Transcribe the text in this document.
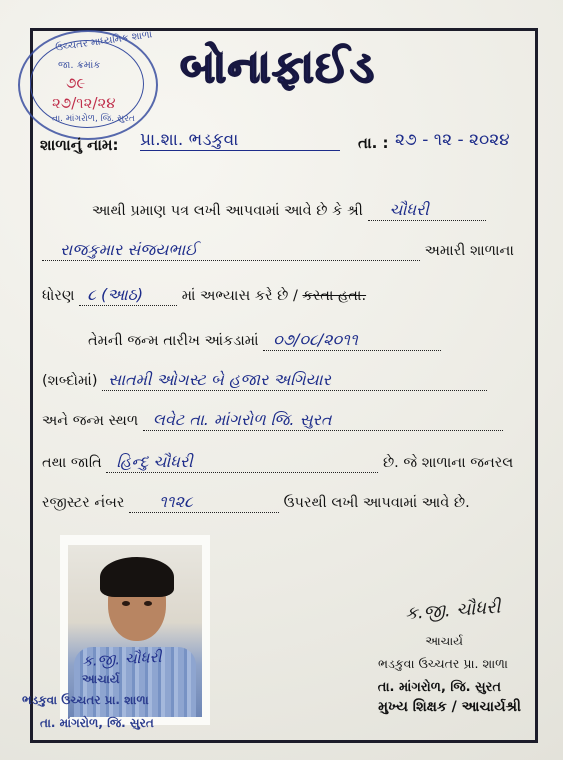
બોનાફાઈડ
ઉચ્ચતર માધ્યમિક શાળા
જા. ક્રમાંક
૭૯
૨૭/૧૨/૨૪
તા. માંગરોળ, જિ. સુરત
શાળાનું નામ: પ્રા.શા. ભડકુવા	તા. : ૨૭ - ૧૨ - ૨૦૨૪
આથી પ્રમાણ પત્ર લખી આપવામાં આવે છે કે શ્રી ચૌધરી
રાજકુમાર સંજયભાઈ	અમારી શાળાના
ધોરણ ૮ (આઠ)	માં અભ્યાસ કરે છે / કરતા હતા.
તેમની જન્મ તારીખ આંકડામાં ૦૭/૦૮/૨૦૧૧
(શબ્દોમાં) સાતમી ઓગસ્ટ બે હજાર અગિયાર
અને જન્મ સ્થળ લવેટ તા. માંગરોળ જિ. સુરત
તથા જાતિ હિન્દુ ચૌધરી	છે. જે શાળાના જનરલ
રજીસ્ટર નંબર ૧૧૨૮	ઉપરથી લખી આપવામાં આવે છે.
ક.જી. ચૌધરી
આચાર્ય
ભડકુવા ઉચ્ચતર પ્રા. શાળા
તા. માંગરોળ, જિ. સુરત
ક.જી. ચૌધરી
આચાર્ય
ભડકુવા ઉચ્ચતર પ્રા. શાળા
તા. માંગરોળ, જિ. સુરત
મુખ્ય શિક્ષક / આચાર્યશ્રી
